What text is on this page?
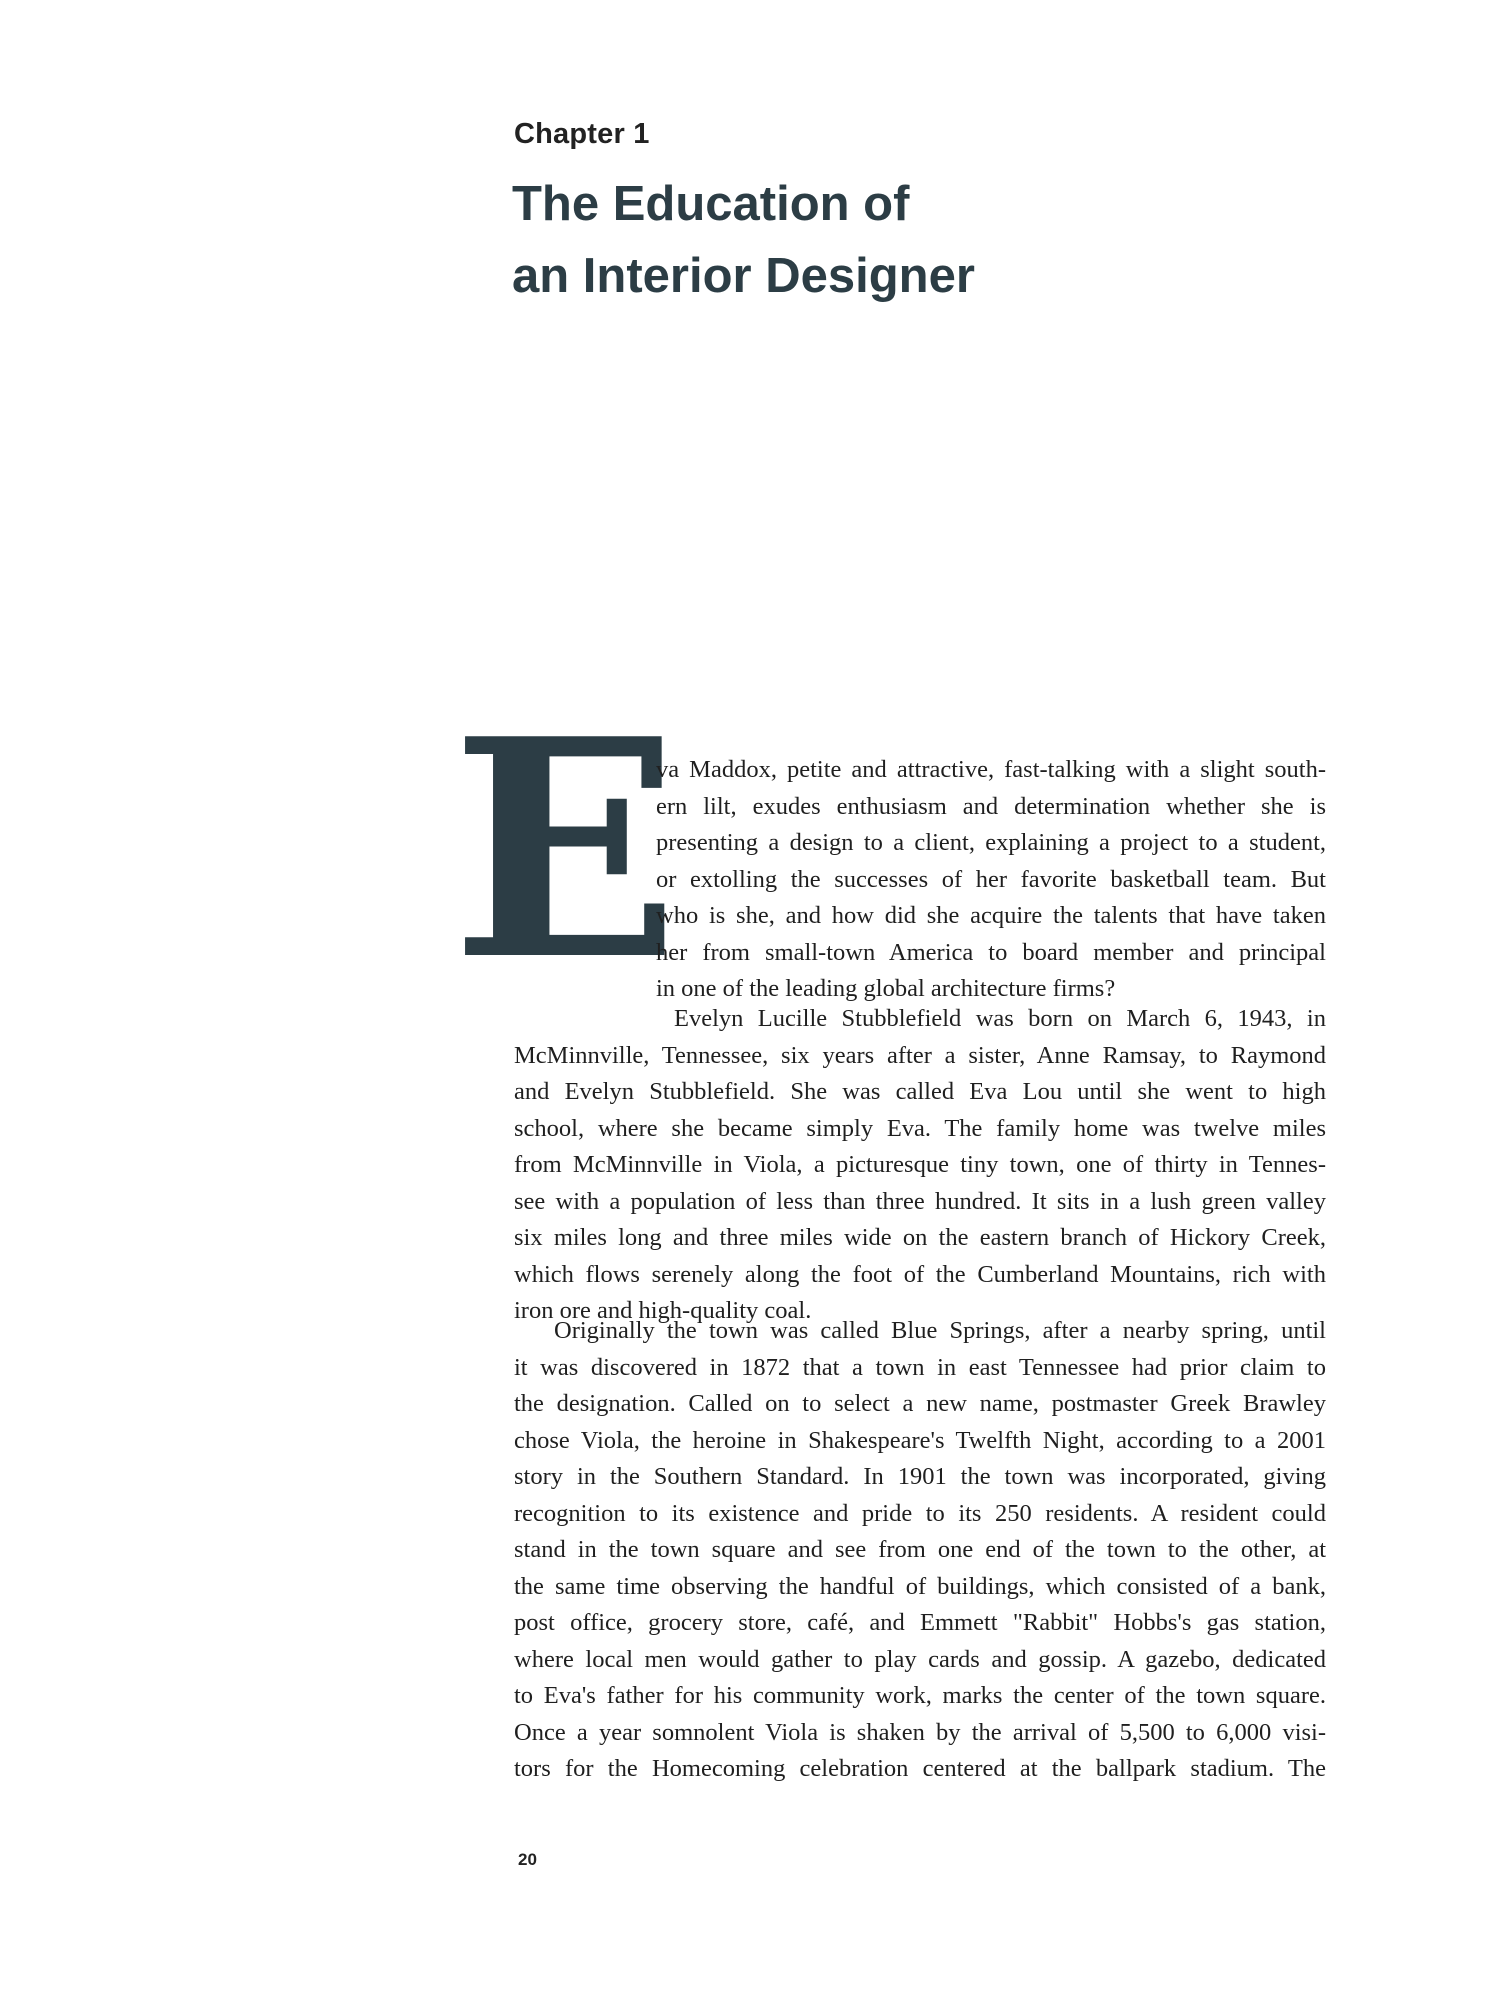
Chapter 1
The Education of
an Interior Designer
E
va Maddox, petite and attractive, fast-talking with a slight south-
ern lilt, exudes enthusiasm and determination whether she is
presenting a design to a client, explaining a project to a student,
or extolling the successes of her favorite basketball team. But
who is she, and how did she acquire the talents that have taken
her from small-town America to board member and principal
in one of the leading global architecture firms?
Evelyn Lucille Stubblefield was born on March 6, 1943, in
McMinnville, Tennessee, six years after a sister, Anne Ramsay, to Raymond
and Evelyn Stubblefield. She was called Eva Lou until she went to high
school, where she became simply Eva. The family home was twelve miles
from McMinnville in Viola, a picturesque tiny town, one of thirty in Tennes-
see with a population of less than three hundred. It sits in a lush green valley
six miles long and three miles wide on the eastern branch of Hickory Creek,
which flows serenely along the foot of the Cumberland Mountains, rich with
iron ore and high-quality coal.
Originally the town was called Blue Springs, after a nearby spring, until
it was discovered in 1872 that a town in east Tennessee had prior claim to
the designation. Called on to select a new name, postmaster Greek Brawley
chose Viola, the heroine in Shakespeare's Twelfth Night, according to a 2001
story in the Southern Standard. In 1901 the town was incorporated, giving
recognition to its existence and pride to its 250 residents. A resident could
stand in the town square and see from one end of the town to the other, at
the same time observing the handful of buildings, which consisted of a bank,
post office, grocery store, café, and Emmett "Rabbit" Hobbs's gas station,
where local men would gather to play cards and gossip. A gazebo, dedicated
to Eva's father for his community work, marks the center of the town square.
Once a year somnolent Viola is shaken by the arrival of 5,500 to 6,000 visi-
tors for the Homecoming celebration centered at the ballpark stadium. The
20
